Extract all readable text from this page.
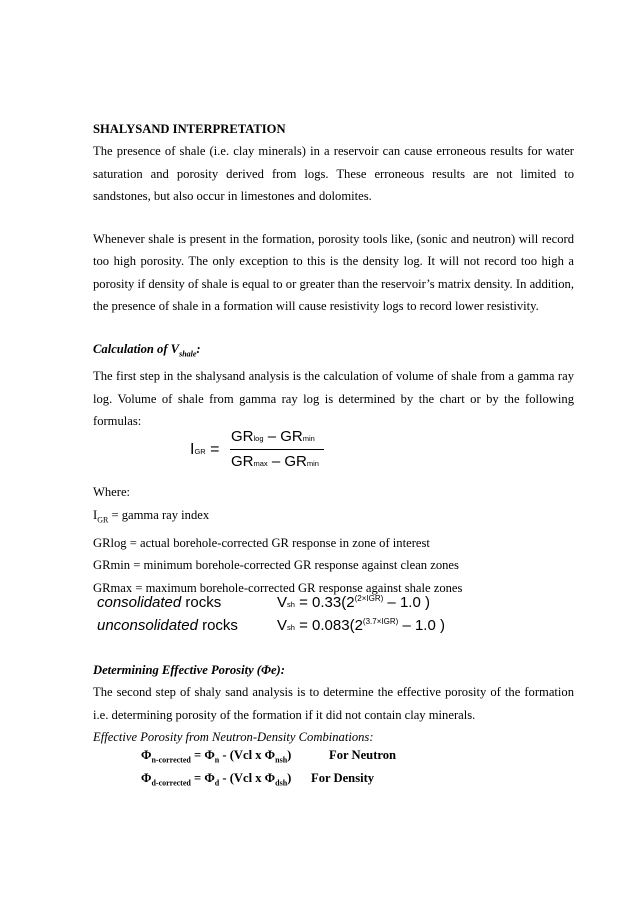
SHALYSAND INTERPRETATION

The presence of shale (i.e. clay minerals) in a reservoir can cause erroneous results for water saturation and porosity derived from logs. These erroneous results are not limited to sandstones, but also occur in limestones and dolomites.

Whenever shale is present in the formation, porosity tools like, (sonic and neutron) will record too high porosity. The only exception to this is the density log. It will not record too high a porosity if density of shale is equal to or greater than the reservoir’s matrix density. In addition, the presence of shale in a formation will cause resistivity logs to record lower resistivity.

Calculation of $V_{shale}$:

The first step in the shalysand analysis is the calculation of volume of shale from a gamma ray log. Volume of shale from gamma ray log is determined by the chart or by the following formulas:

IGR =
GRlog – GRmin
GRmax – GRmin

Where:

$I_{GR}$ = gamma ray index

GRlog = actual borehole-corrected GR response in zone of interest

GRmin = minimum borehole-corrected GR response against clean zones

GRmax = maximum borehole-corrected GR response against shale zones

consolidated rocks	Vsh = $0.33(2^{(2\times IGR)} - 1.0$ )
unconsolidated rocks	Vsh = $0.083(2^{(3.7\times IGR)} - 1.0$ )

Determining Effective Porosity (Φe):

The second step of shaly sand analysis is to determine the effective porosity of the formation i.e. determining porosity of the formation if it did not contain clay minerals.

Effective Porosity from Neutron-Density Combinations:

$\Phi_{n-corrected} = \Phi_n - (Vcl$ x $\Phi_{nsh}$)	For Neutron
$\Phi_{d-corrected} = \Phi_d - (Vcl$ x $\Phi_{dsh}$) For Density
